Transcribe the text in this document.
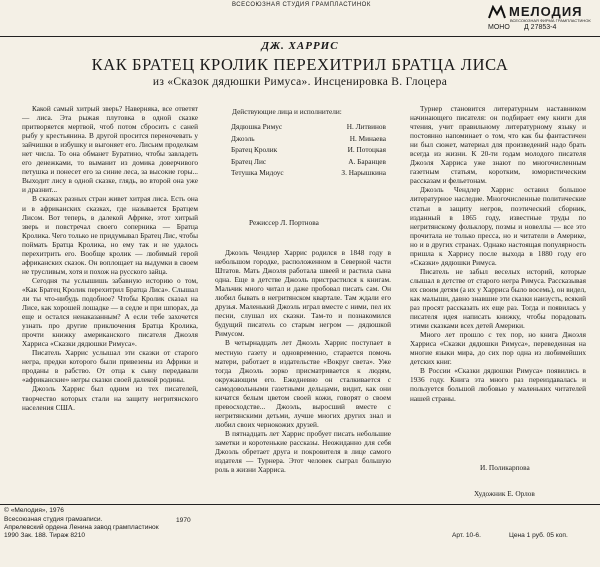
ВСЕСОЮЗНАЯ СТУДИЯ ГРАМПЛАСТИНОК	МЕЛОДИЯ
ВСЕСОЮЗНАЯ ФИРМА ГРАМПЛАСТИНОК
МОНО Д 27853-4
ДЖ. ХАРРИС
КАК БРАТЕЦ КРОЛИК ПЕРЕХИТРИЛ БРАТЦА ЛИСА
из «Сказок дядюшки Римуса». Инсценировка В. Глоцера

Какой самый хитрый зверь? Наверняка, все ответят — лиса. Эта рыжая плутовка в одной сказке притворяется мертвой, чтоб потом сбросить с саней рыбу у крестьянина. В другой просится переночевать у зайчишки в избушку и выгоняет его. Лисьим проделкам нет числа. То она обманет Буратино, чтобы завладеть его денежками, то выманит из домика доверчивого петушка и понесет его за синие леса, за высокие горы... Выходит лису в одной сказке, глядь, во второй она уже и дразнит...

В сказках разных стран живет хитрая лиса. Есть она и в африканских сказках, где называется Братцем Лисом. Вот теперь, в далекой Африке, этот хитрый зверь и повстречал своего соперника — Братца Кролика. Чего только не придумывал Братец Лис, чтобы поймать Братца Кролика, но ему так и не удалось перехитрить его. Вообще кролик — любимый герой африканских сказок. Он воплощает на выдумки в своем не трусливым, хотя и похож на русского зайца.

Сегодня ты услышишь забавную историю о том, «Как Братец Кролик перехитрил Братца Лиса». Слышал ли ты что-нибудь подобное? Чтобы Кролик сказал на Лисе, как хорошей лошадке — в седле и при шпорах, да еще и остался ненаказанным? А если тебе захочется узнать про другие приключения Братца Кролика, прочти книжку американского писателя Джоэля Харриса «Сказки дядюшки Римуса».

Писатель Харрис услышал эти сказки от старого негра, предки которого были привезены из Африки и проданы в рабство. От отца к сыну передавали «африканские» негры сказки своей далекой родины.

Джоэль Харрис был одним из тех писателей, творчество которых стали на защиту негритянского населения США.

Действующие лица и исполнители:
Дядюшка Римус	Н. Литвинов
Джоэль	Н. Минаева
Братец Кролик	И. Потоцкая
Братец Лис	А. Баранцев
Тетушка Мидоус	З. Нарышкина
Режиссер Л. Портнова

Джоэль Чендлер Харрис родился в 1848 году в небольшом городке, расположенном в Северной части Штатов. Мать Джоэля работала швеей и растила сына одна. Еще в детстве Джоэль пристрастился к книгам. Мальчик много читал и даже пробовал писать сам. Он любил бывать в негритянском квартале. Там ждали его друзья. Маленький Джоэль играл вместе с ними, пел их песни, слушал их сказки. Там-то и познакомился будущий писатель со старым негром — дядюшкой Римусом.

В четырнадцать лет Джоэль Харрис поступает в местную газету и одновременно, старается помочь матери, работает в издательстве «Вокруг света». Уже тогда Джоэль зорко присматривается к людям, окружающим его. Ежедневно он сталкивается с самодовольными газетными дельцами, видит, как они кичатся белым цветом своей кожи, говорят о своем превосходстве... Джоэль, выросший вместе с негритянскими детьми, лучше многих других знал и любил своих чернокожих друзей.

В пятнадцать лет Харрис пробует писать небольшие заметки и коротенькие рассказы. Неожиданно для себя Джоэль обретает друга и покровителя в лице самого издателя — Турнера. Этот человек сыграл большую роль в жизни Харриса.

Турнер становится литературным наставником начинающего писателя: он подбирает ему книги для чтения, учит правильному литературному языку и постоянно напоминает о том, что как бы фантастичен ни был сюжет, материал для произведений надо брать всегда из жизни. К 20-ти годам молодого писателя Джоэля Харриса уже знают по многочисленным газетным статьям, коротким, юмористическим рассказам и фельетонам.

Джоэль Чендлер Харрис оставил большое литературное наследие. Многочисленные политические статьи в защиту негров, поэтический сборник, изданный в 1865 году, известные труды по негритянскому фольклору, позмы и новеллы — все это прочитала не только пресса, но и читатели в Америке, но и в других странах. Однако настоящая популярность пришла к Харрису после выхода в 1880 году его «Сказки» дядюшки Римуса.

Писатель не забыл веселых историй, которые слышал в детстве от старого негра Римуса. Рассказывая их своим детям (а их у Харриса было восемь), он видел, как малыши, давно знавшие эти сказки наизусть, всякий раз просят рассказать их еще раз. Тогда и появилась у писателя идея написать книжку, чтобы порадовать этими сказками всех детей Америки.

Много лет прошло с тех пор, но книга Джоэля Харриса «Сказки дядюшки Римуса», переведенная на многие языки мира, до сих пор одна из любимейших детских книг.

В России «Сказки дядюшки Римуса» появились в 1936 году. Книга эта много раз переиздавалась и пользуется большой любовью у маленьких читателей нашей страны.

И. Поликарпова
Художник Е. Орлов
© «Мелодия», 1976
Всесоюзная студия грамзаписи.	1970
Апрелевский ордена Ленина завод грампластинок
1990 Зак. 188. Тираж 8210	Арт. 10-6.	Цена 1 руб. 05 коп.
